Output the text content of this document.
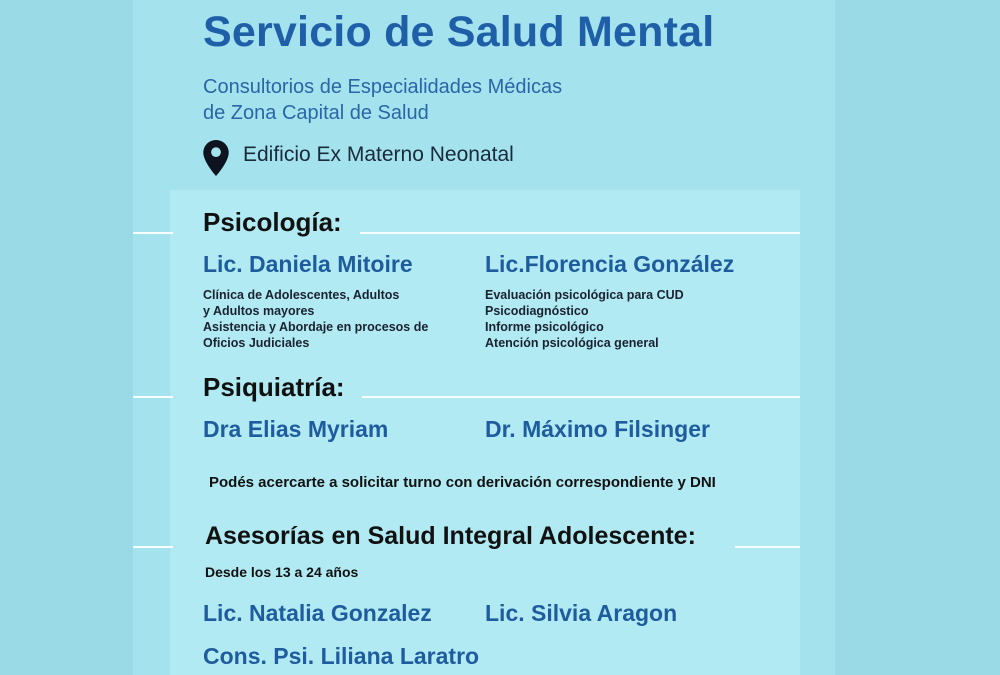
Servicio de Salud Mental
Consultorios de Especialidades Médicas
de Zona Capital de Salud
Edificio Ex Materno Neonatal
Psicología:
Lic. Daniela Mitoire
Clínica de Adolescentes, Adultos
y Adultos mayores
Asistencia y Abordaje en procesos de
Oficios Judiciales
Lic.Florencia González
Evaluación psicológica para CUD
Psicodiagnóstico
Informe psicológico
Atención psicológica general
Psiquiatría:
Dra Elias Myriam	Dr. Máximo Filsinger
Podés acercarte a solicitar turno con derivación correspondiente y DNI
Asesorías en Salud Integral Adolescente:
Desde los 13 a 24 años
Lic. Natalia Gonzalez Lic. Silvia Aragon
Cons. Psi. Liliana Laratro
